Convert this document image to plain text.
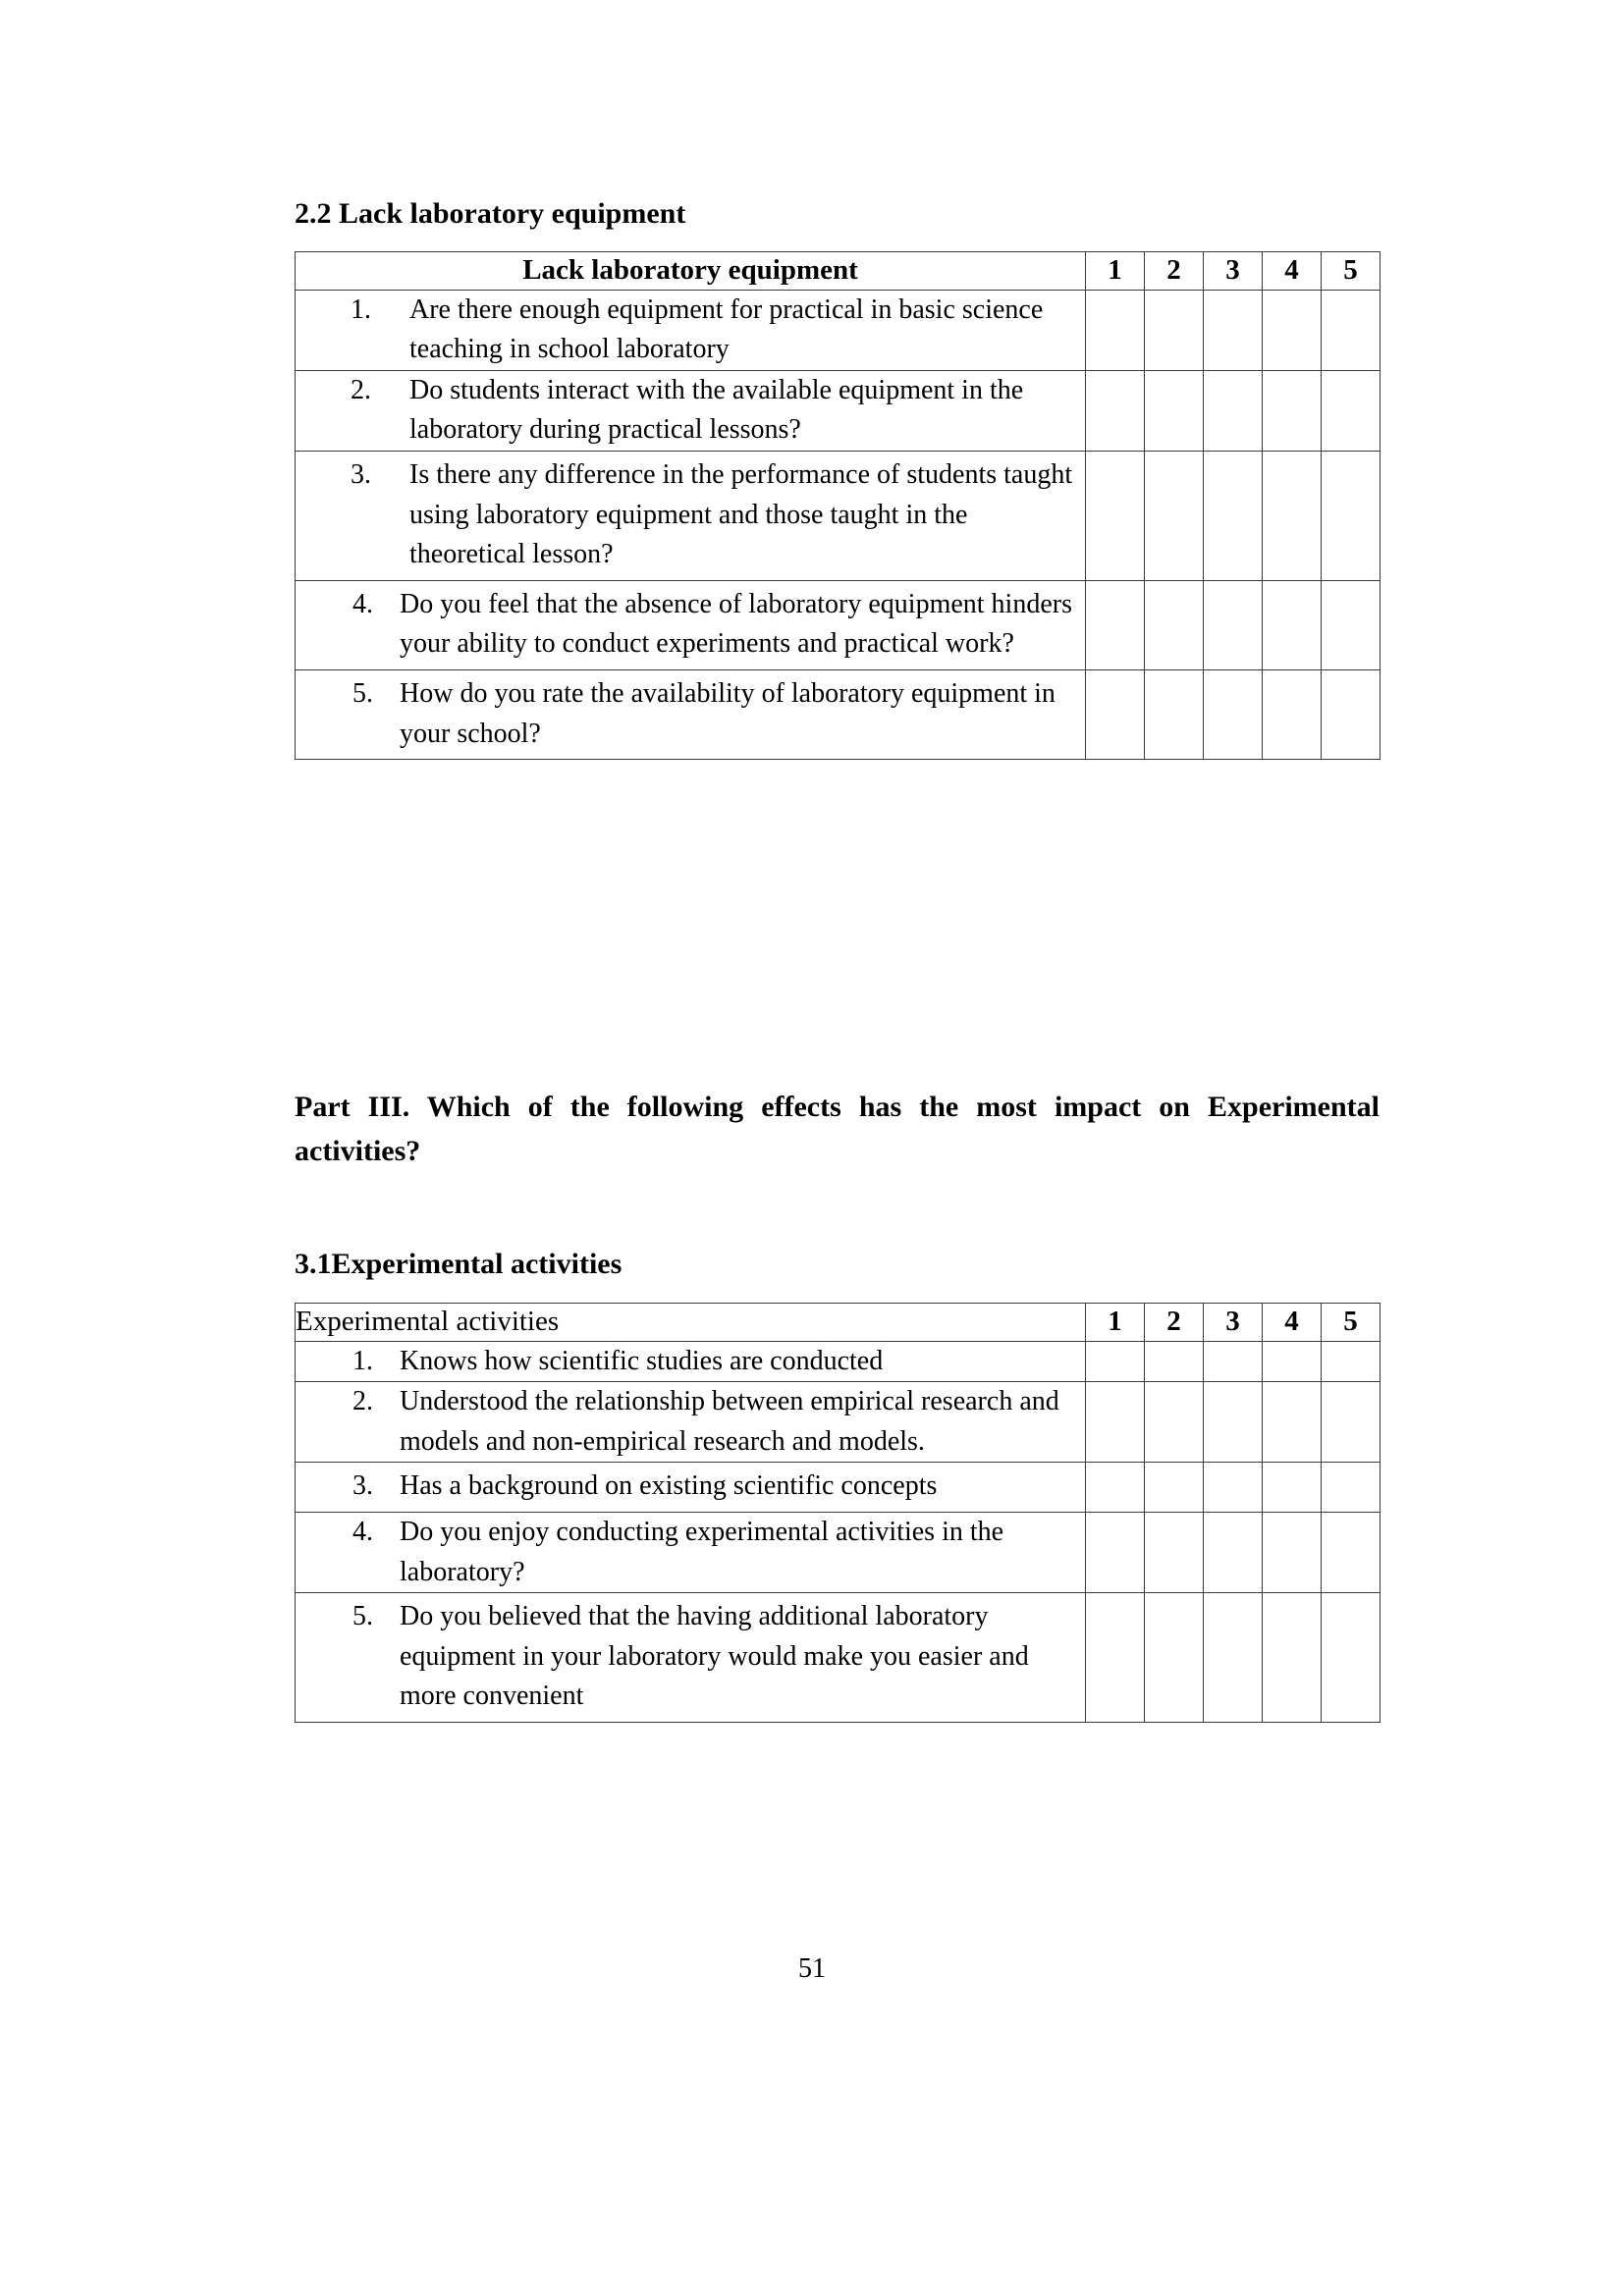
2.2 Lack laboratory equipment
Lack laboratory equipment	1	2	3	4	5

1. Are there enough equipment for practical in basic science teaching in school laboratory					

2. Do students interact with the available equipment in the laboratory during practical lessons?					

3. Is there any difference in the performance of students taught using laboratory equipment and those taught in the theoretical lesson?					

4. Do you feel that the absence of laboratory equipment hinders your ability to conduct experiments and practical work?					

5. How do you rate the availability of laboratory equipment in your school?					

Part III. Which of the following effects has the most impact on Experimental activities?
3.1Experimental activities
Experimental activities	1	2	3	4	5

1. Knows how scientific studies are conducted					

2. Understood the relationship between empirical research and models and non-empirical research and models.					

3. Has a background on existing scientific concepts					

4. Do you enjoy conducting experimental activities in the laboratory?					

5. Do you believed that the having additional laboratory equipment in your laboratory would make you easier and more convenient					

51
